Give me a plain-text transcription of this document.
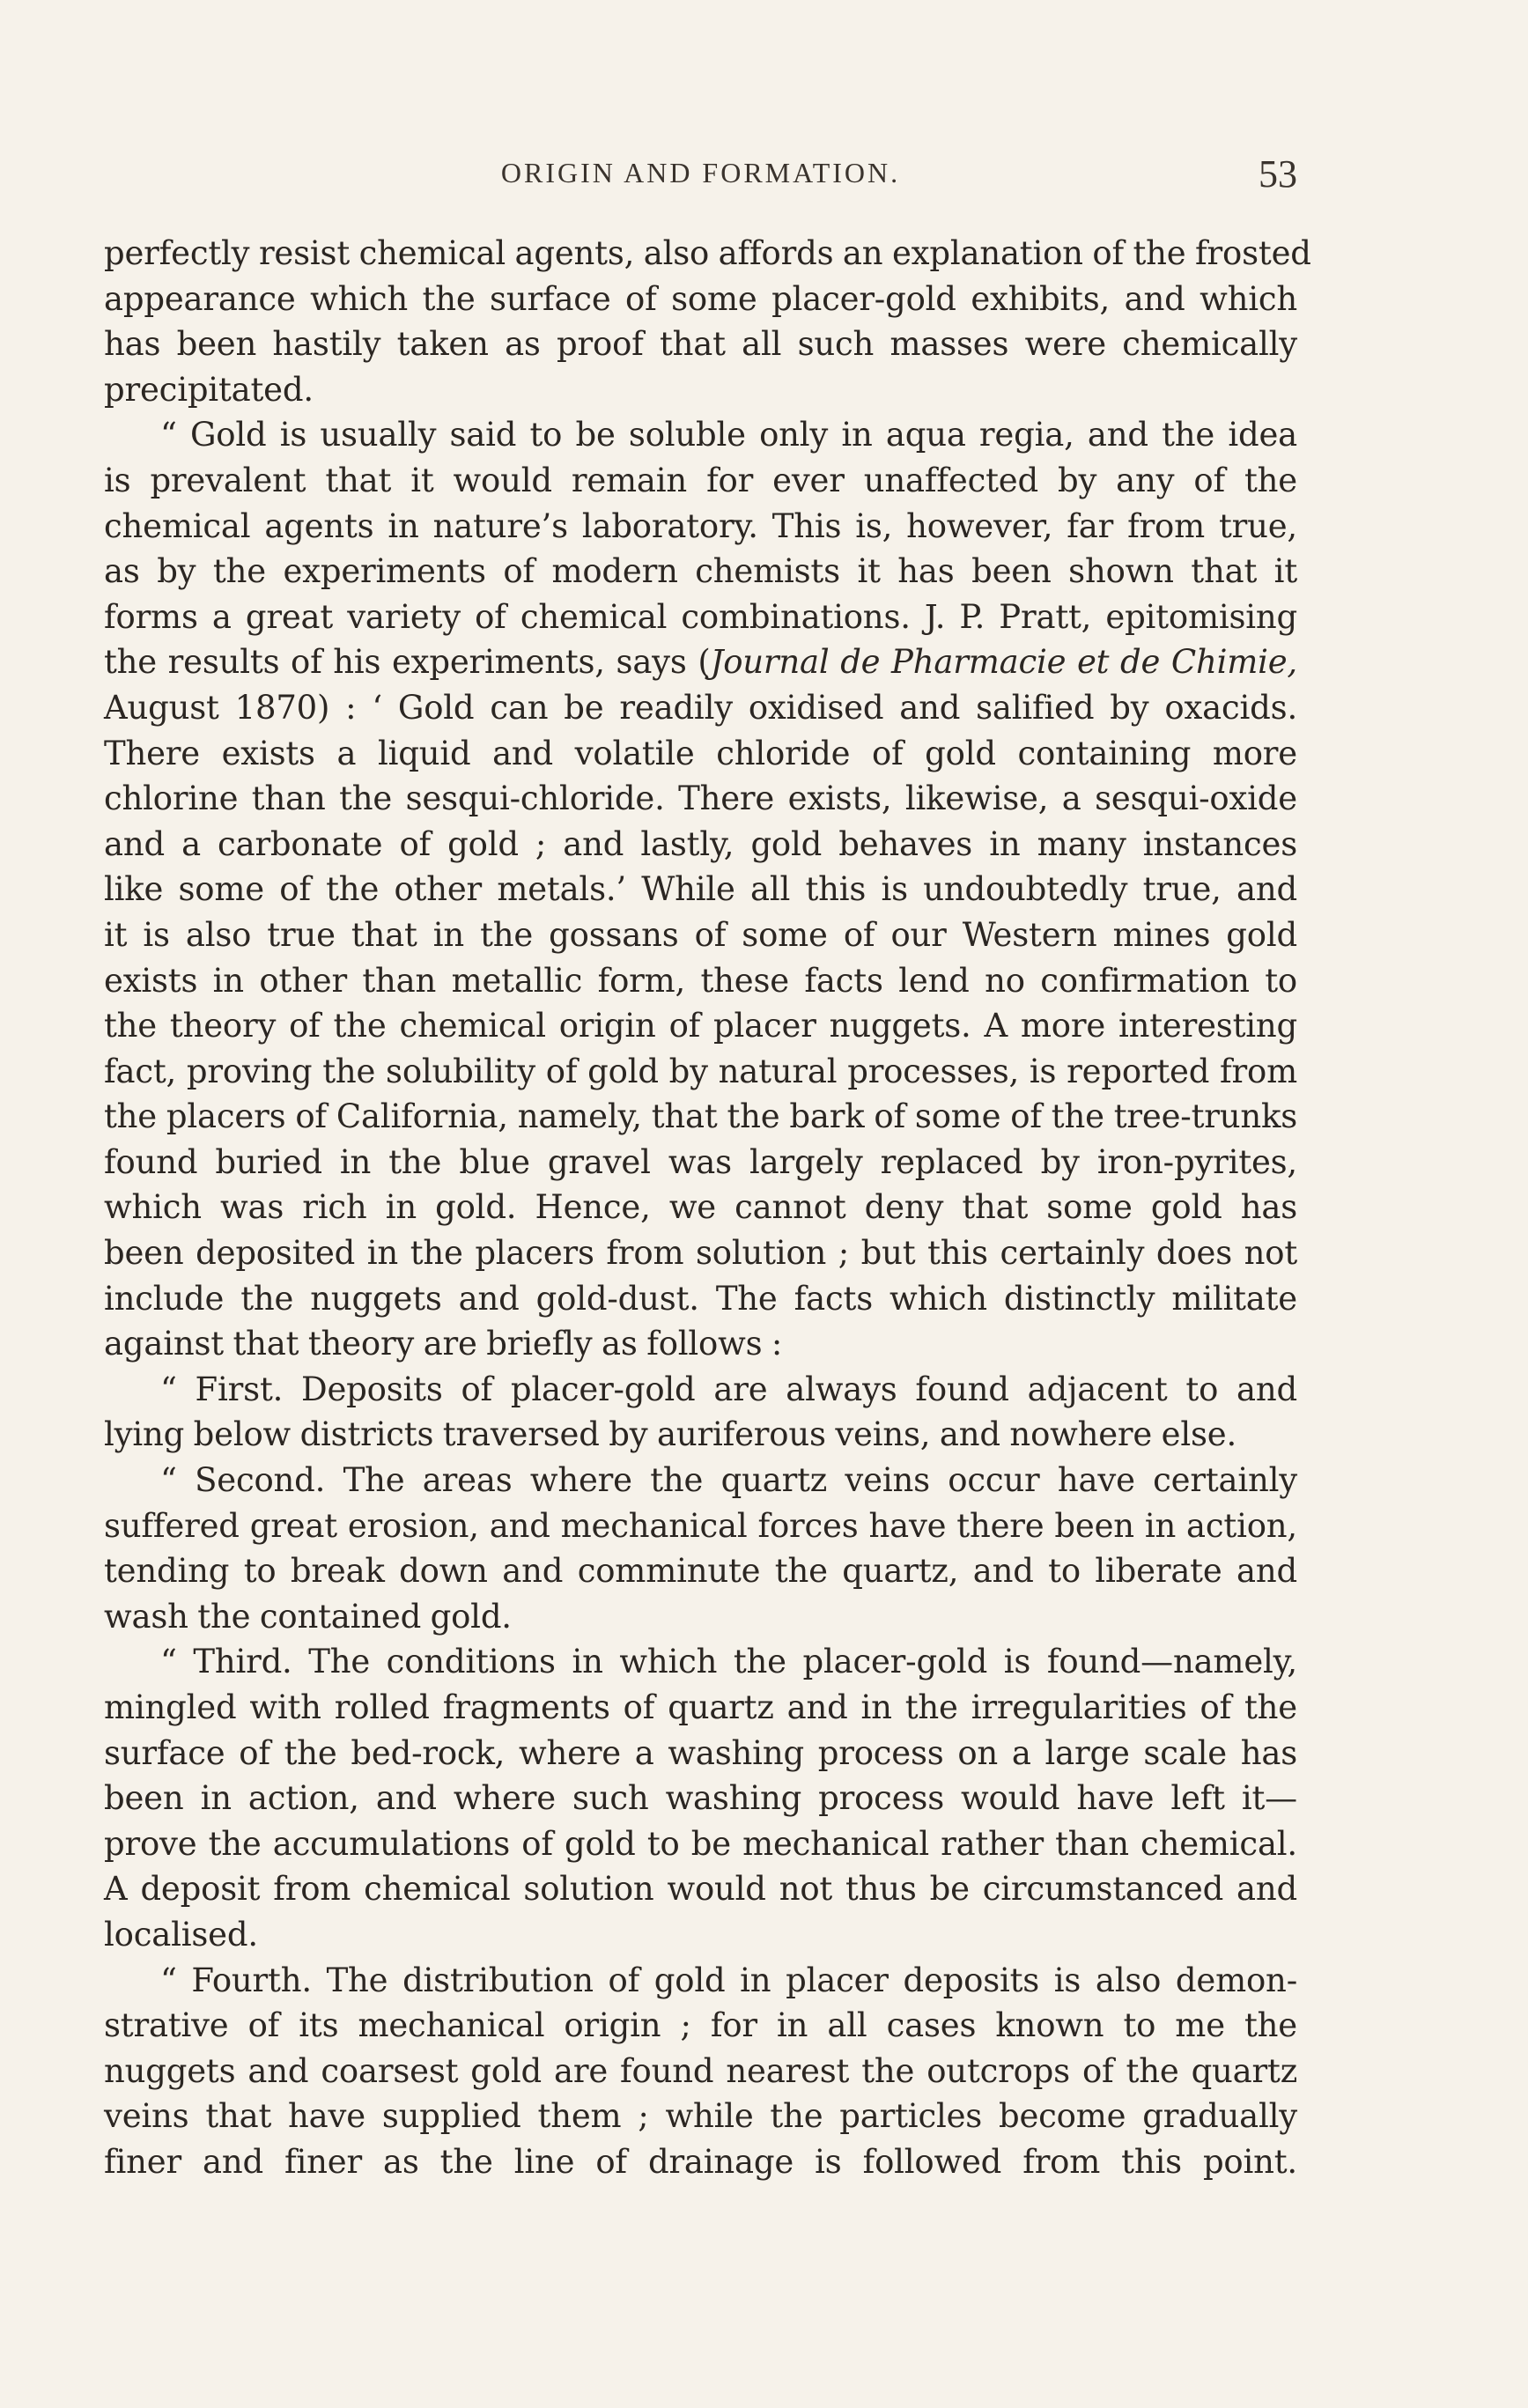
ORIGIN AND FORMATION.	53
perfectly resist chemical agents, also affords an explanation of the frosted
appearance which the surface of some placer-gold exhibits, and which
has been hastily taken as proof that all such masses were chemically
precipitated.
“ Gold is usually said to be soluble only in aqua regia, and the idea
is prevalent that it would remain for ever unaffected by any of the
chemical agents in nature’s laboratory. This is, however, far from true,
as by the experiments of modern chemists it has been shown that it
forms a great variety of chemical combinations. J. P. Pratt, epitomising
the results of his experiments, says (Journal de Pharmacie et de Chimie,
August 1870) : ‘ Gold can be readily oxidised and salified by oxacids.
There exists a liquid and volatile chloride of gold containing more
chlorine than the sesqui-chloride. There exists, likewise, a sesqui-oxide
and a carbonate of gold ; and lastly, gold behaves in many instances
like some of the other metals.’ While all this is undoubtedly true, and
it is also true that in the gossans of some of our Western mines gold
exists in other than metallic form, these facts lend no confirmation to
the theory of the chemical origin of placer nuggets. A more interesting
fact, proving the solubility of gold by natural processes, is reported from
the placers of California, namely, that the bark of some of the tree-trunks
found buried in the blue gravel was largely replaced by iron-pyrites,
which was rich in gold. Hence, we cannot deny that some gold has
been deposited in the placers from solution ; but this certainly does not
include the nuggets and gold-dust. The facts which distinctly militate
against that theory are briefly as follows :
“ First. Deposits of placer-gold are always found adjacent to and
lying below districts traversed by auriferous veins, and nowhere else.
“ Second. The areas where the quartz veins occur have certainly
suffered great erosion, and mechanical forces have there been in action,
tending to break down and comminute the quartz, and to liberate and
wash the contained gold.
“ Third. The conditions in which the placer-gold is found—namely,
mingled with rolled fragments of quartz and in the irregularities of the
surface of the bed-rock, where a washing process on a large scale has
been in action, and where such washing process would have left it—
prove the accumulations of gold to be mechanical rather than chemical.
A deposit from chemical solution would not thus be circumstanced and
localised.
“ Fourth. The distribution of gold in placer deposits is also demon-
strative of its mechanical origin ; for in all cases known to me the
nuggets and coarsest gold are found nearest the outcrops of the quartz
veins that have supplied them ; while the particles become gradually
finer and finer as the line of drainage is followed from this point.
